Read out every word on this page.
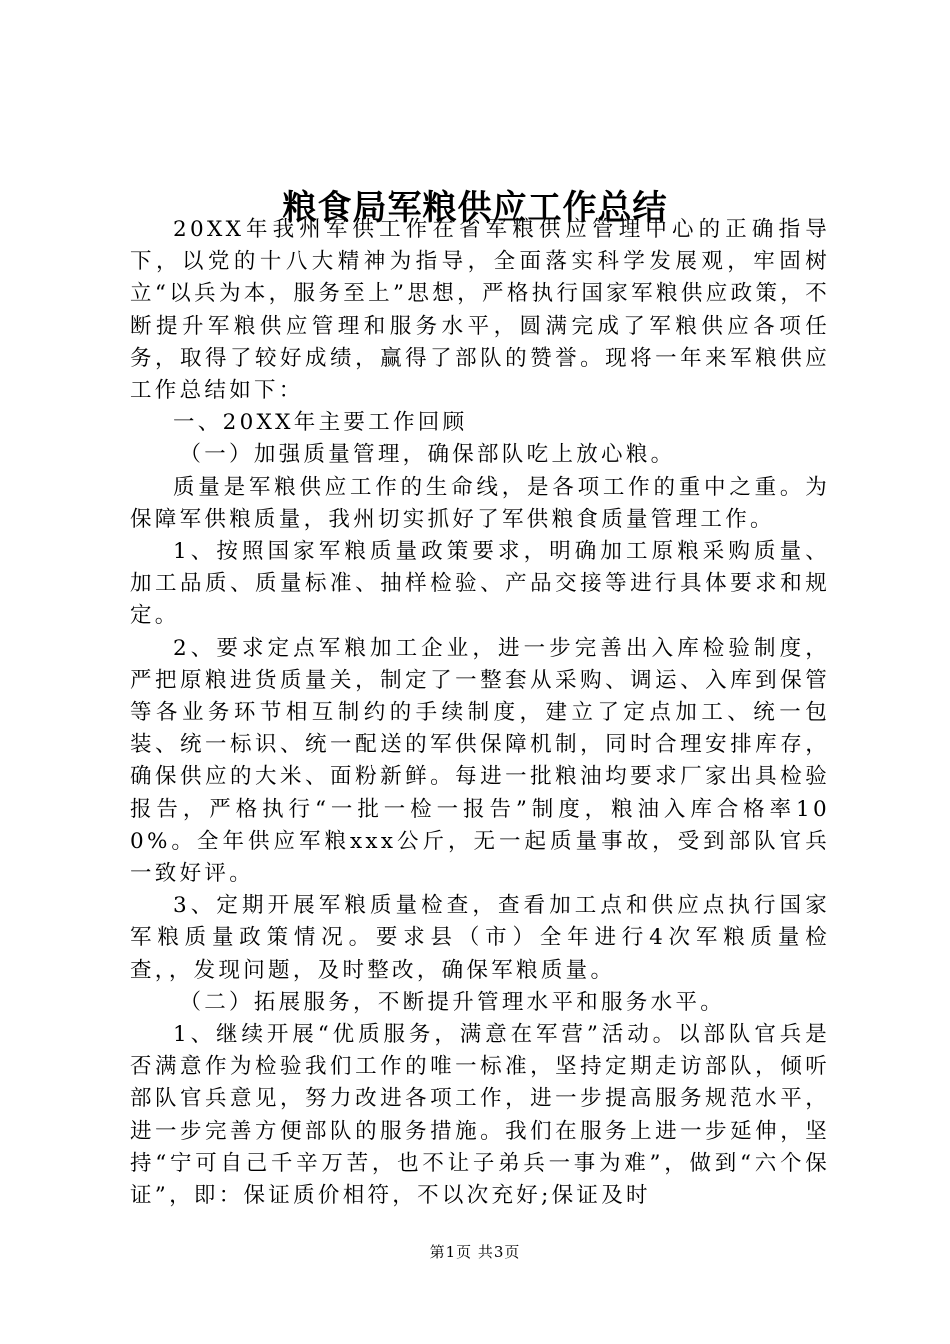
粮食局军粮供应工作总结

20XX年我州军供工作在省军粮供应管理中心的正确指导下，以党的十八大精神为指导，全面落实科学发展观，牢固树立“以兵为本，服务至上”思想，严格执行国家军粮供应政策，不断提升军粮供应管理和服务水平，圆满完成了军粮供应各项任务，取得了较好成绩，赢得了部队的赞誉。现将一年来军粮供应工作总结如下：

一、20XX年主要工作回顾

（一）加强质量管理，确保部队吃上放心粮。

质量是军粮供应工作的生命线，是各项工作的重中之重。为保障军供粮质量，我州切实抓好了军供粮食质量管理工作。

1、按照国家军粮质量政策要求，明确加工原粮采购质量、加工品质、质量标准、抽样检验、产品交接等进行具体要求和规定。

2、要求定点军粮加工企业，进一步完善出入库检验制度，严把原粮进货质量关，制定了一整套从采购、调运、入库到保管等各业务环节相互制约的手续制度，建立了定点加工、统一包装、统一标识、统一配送的军供保障机制，同时合理安排库存，确保供应的大米、面粉新鲜。每进一批粮油均要求厂家出具检验报告，严格执行“一批一检一报告”制度，粮油入库合格率100%。全年供应军粮xxx公斤，无一起质量事故，受到部队官兵一致好评。

3、定期开展军粮质量检查，查看加工点和供应点执行国家军粮质量政策情况。要求县（市）全年进行4次军粮质量检查，，发现问题，及时整改，确保军粮质量。

（二）拓展服务，不断提升管理水平和服务水平。

1、继续开展“优质服务，满意在军营”活动。以部队官兵是否满意作为检验我们工作的唯一标准，坚持定期走访部队，倾听部队官兵意见，努力改进各项工作，进一步提高服务规范水平，进一步完善方便部队的服务措施。我们在服务上进一步延伸，坚持“宁可自己千辛万苦，也不让子弟兵一事为难”，做到“六个保证”，即：保证质价相符，不以次充好;保证及时

第1页 共3页
